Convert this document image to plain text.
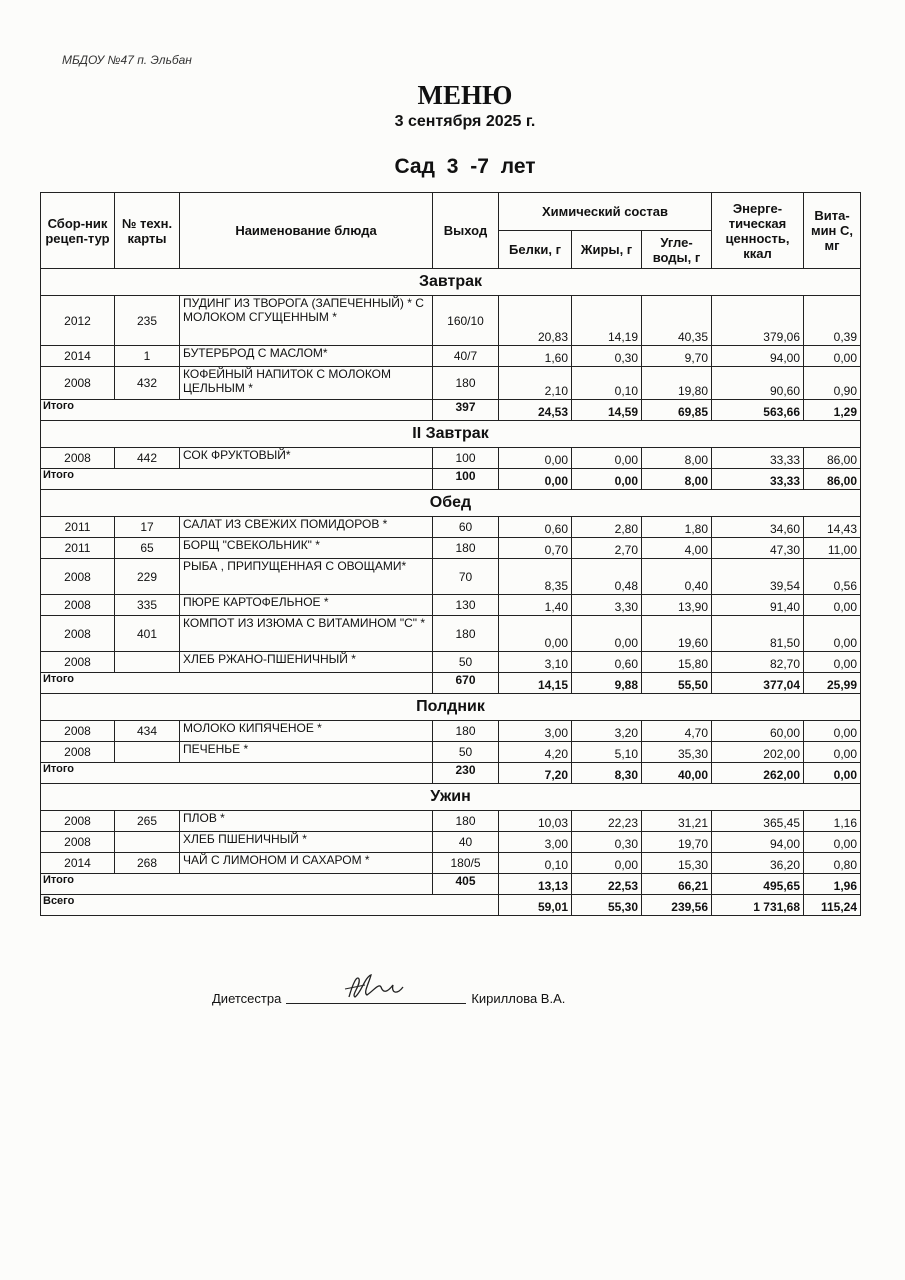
МБДОУ №47 п. Эльбан
МЕНЮ
3 сентября 2025 г.
Сад 3 -7 лет
Сбор-ник рецеп-тур	№ техн. карты	Наименование блюда	Выход	Химический состав			Энерге-тическая ценность, ккал	Вита-мин С, мг
				Белки, г	Жиры, г	Угле-воды, г		
Завтрак								
2012	235	ПУДИНГ ИЗ ТВОРОГА (ЗАПЕЧЕННЫЙ) * С МОЛОКОМ СГУЩЕННЫМ *	160/10	20,83	14,19	40,35	379,06	0,39
2014	1	БУТЕРБРОД С МАСЛОМ*	40/7	1,60	0,30	9,70	94,00	0,00
2008	432	КОФЕЙНЫЙ НАПИТОК С МОЛОКОМ ЦЕЛЬНЫМ *	180	2,10	0,10	19,80	90,60	0,90
Итого			397	24,53	14,59	69,85	563,66	1,29
II Завтрак								
2008	442	СОК ФРУКТОВЫЙ*	100	0,00	0,00	8,00	33,33	86,00
Итого			100	0,00	0,00	8,00	33,33	86,00
Обед								
2011	17	САЛАТ ИЗ СВЕЖИХ ПОМИДОРОВ *	60	0,60	2,80	1,80	34,60	14,43
2011	65	БОРЩ "СВЕКОЛЬНИК" *	180	0,70	2,70	4,00	47,30	11,00
2008	229	РЫБА , ПРИПУЩЕННАЯ С ОВОЩАМИ*	70	8,35	0,48	0,40	39,54	0,56
2008	335	ПЮРЕ КАРТОФЕЛЬНОЕ *	130	1,40	3,30	13,90	91,40	0,00
2008	401	КОМПОТ ИЗ ИЗЮМА С ВИТАМИНОМ "С" *	180	0,00	0,00	19,60	81,50	0,00
2008		ХЛЕБ РЖАНО-ПШЕНИЧНЫЙ *	50	3,10	0,60	15,80	82,70	0,00
Итого			670	14,15	9,88	55,50	377,04	25,99
Полдник								
2008	434	МОЛОКО КИПЯЧЕНОЕ *	180	3,00	3,20	4,70	60,00	0,00
2008		ПЕЧЕНЬЕ *	50	4,20	5,10	35,30	202,00	0,00
Итого			230	7,20	8,30	40,00	262,00	0,00
Ужин								
2008	265	ПЛОВ *	180	10,03	22,23	31,21	365,45	1,16
2008		ХЛЕБ ПШЕНИЧНЫЙ *	40	3,00	0,30	19,70	94,00	0,00
2014	268	ЧАЙ С ЛИМОНОМ И САХАРОМ *	180/5	0,10	0,00	15,30	36,20	0,80
Итого			405	13,13	22,53	66,21	495,65	1,96
Всего				59,01	55,30	239,56	1 731,68	115,24
Диетсестра	Кириллова В.А.
